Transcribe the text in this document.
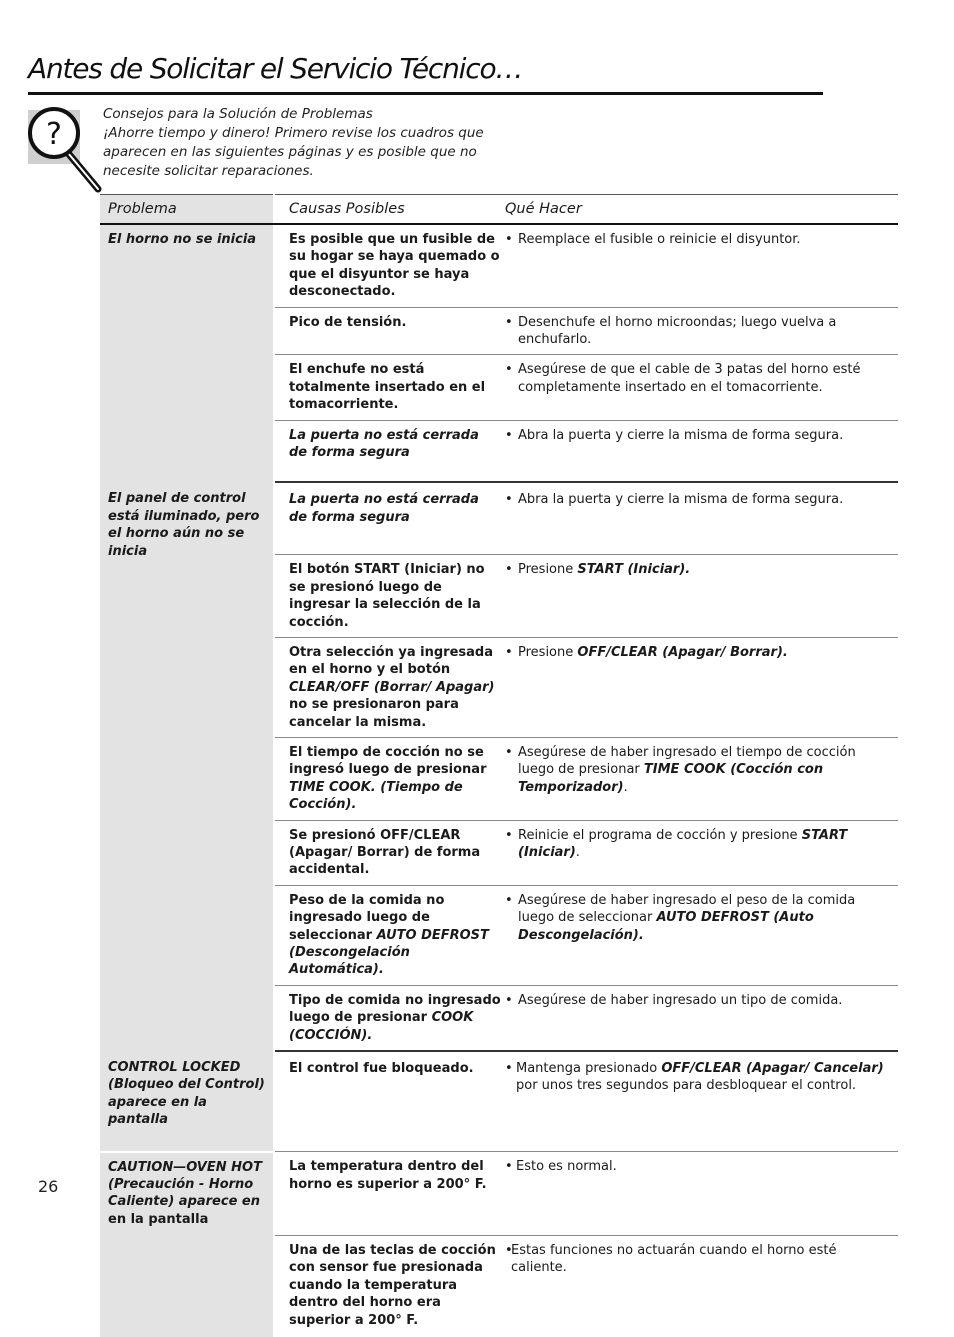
Antes de Solicitar el Servicio Técnico…
?
Consejos para la Solución de Problemas
¡Ahorre tiempo y dinero! Primero revise los cuadros que
aparecen en las siguientes páginas y es posible que no
necesite solicitar reparaciones.
Problema	Causas Posibles	Qué Hacer
El horno no se inicia	Es posible que un fusible de su hogar se haya quemado o que el disyuntor se haya desconectado.	• Reemplace el fusible o reinicie el disyuntor.

	Pico de tensión.	• Desenchufe el horno microondas; luego vuelva a enchufarlo.

	El enchufe no está totalmente insertado en el tomacorriente.	• Asegúrese de que el cable de 3 patas del horno esté completamente insertado en el tomacorriente.

	La puerta no está cerrada de forma segura	• Abra la puerta y cierre la misma de forma segura.

El panel de control está iluminado, pero el horno aún no se inicia	La puerta no está cerrada de forma segura	• Abra la puerta y cierre la misma de forma segura.

	El botón START (Iniciar) no se presionó luego de ingresar la selección de la cocción.	• Presione START (Iniciar).

	Otra selección ya ingresada en el horno y el botón CLEAR/OFF (Borrar/ Apagar) no se presionaron para cancelar la misma.	• Presione OFF/CLEAR (Apagar/ Borrar).

	El tiempo de cocción no se ingresó luego de presionar TIME COOK. (Tiempo de Cocción).	• Asegúrese de haber ingresado el tiempo de cocción luego de presionar TIME COOK (Cocción con Temporizador).

	Se presionó OFF/CLEAR (Apagar/ Borrar) de forma accidental.	• Reinicie el programa de cocción y presione START (Iniciar).

	Peso de la comida no ingresado luego de seleccionar AUTO DEFROST (Descongelación Automática).	• Asegúrese de haber ingresado el peso de la comida luego de seleccionar AUTO DEFROST (Auto Descongelación).

	Tipo de comida no ingresado luego de presionar COOK (COCCIÓN).	• Asegúrese de haber ingresado un tipo de comida.

CONTROL LOCKED (Bloqueo del Control) aparece en la pantalla	El control fue bloqueado.	• Mantenga presionado OFF/CLEAR (Apagar/ Cancelar) por unos tres segundos para desbloquear el control.

CAUTION—OVEN HOT (Precaución - Horno Caliente) aparece en en la pantalla	La temperatura dentro del horno es superior a 200° F.	• Esto es normal.

	Una de las teclas de cocción con sensor fue presionada cuando la temperatura dentro del horno era superior a 200° F.	•
Estas funciones no actuarán cuando el horno esté caliente.
26
